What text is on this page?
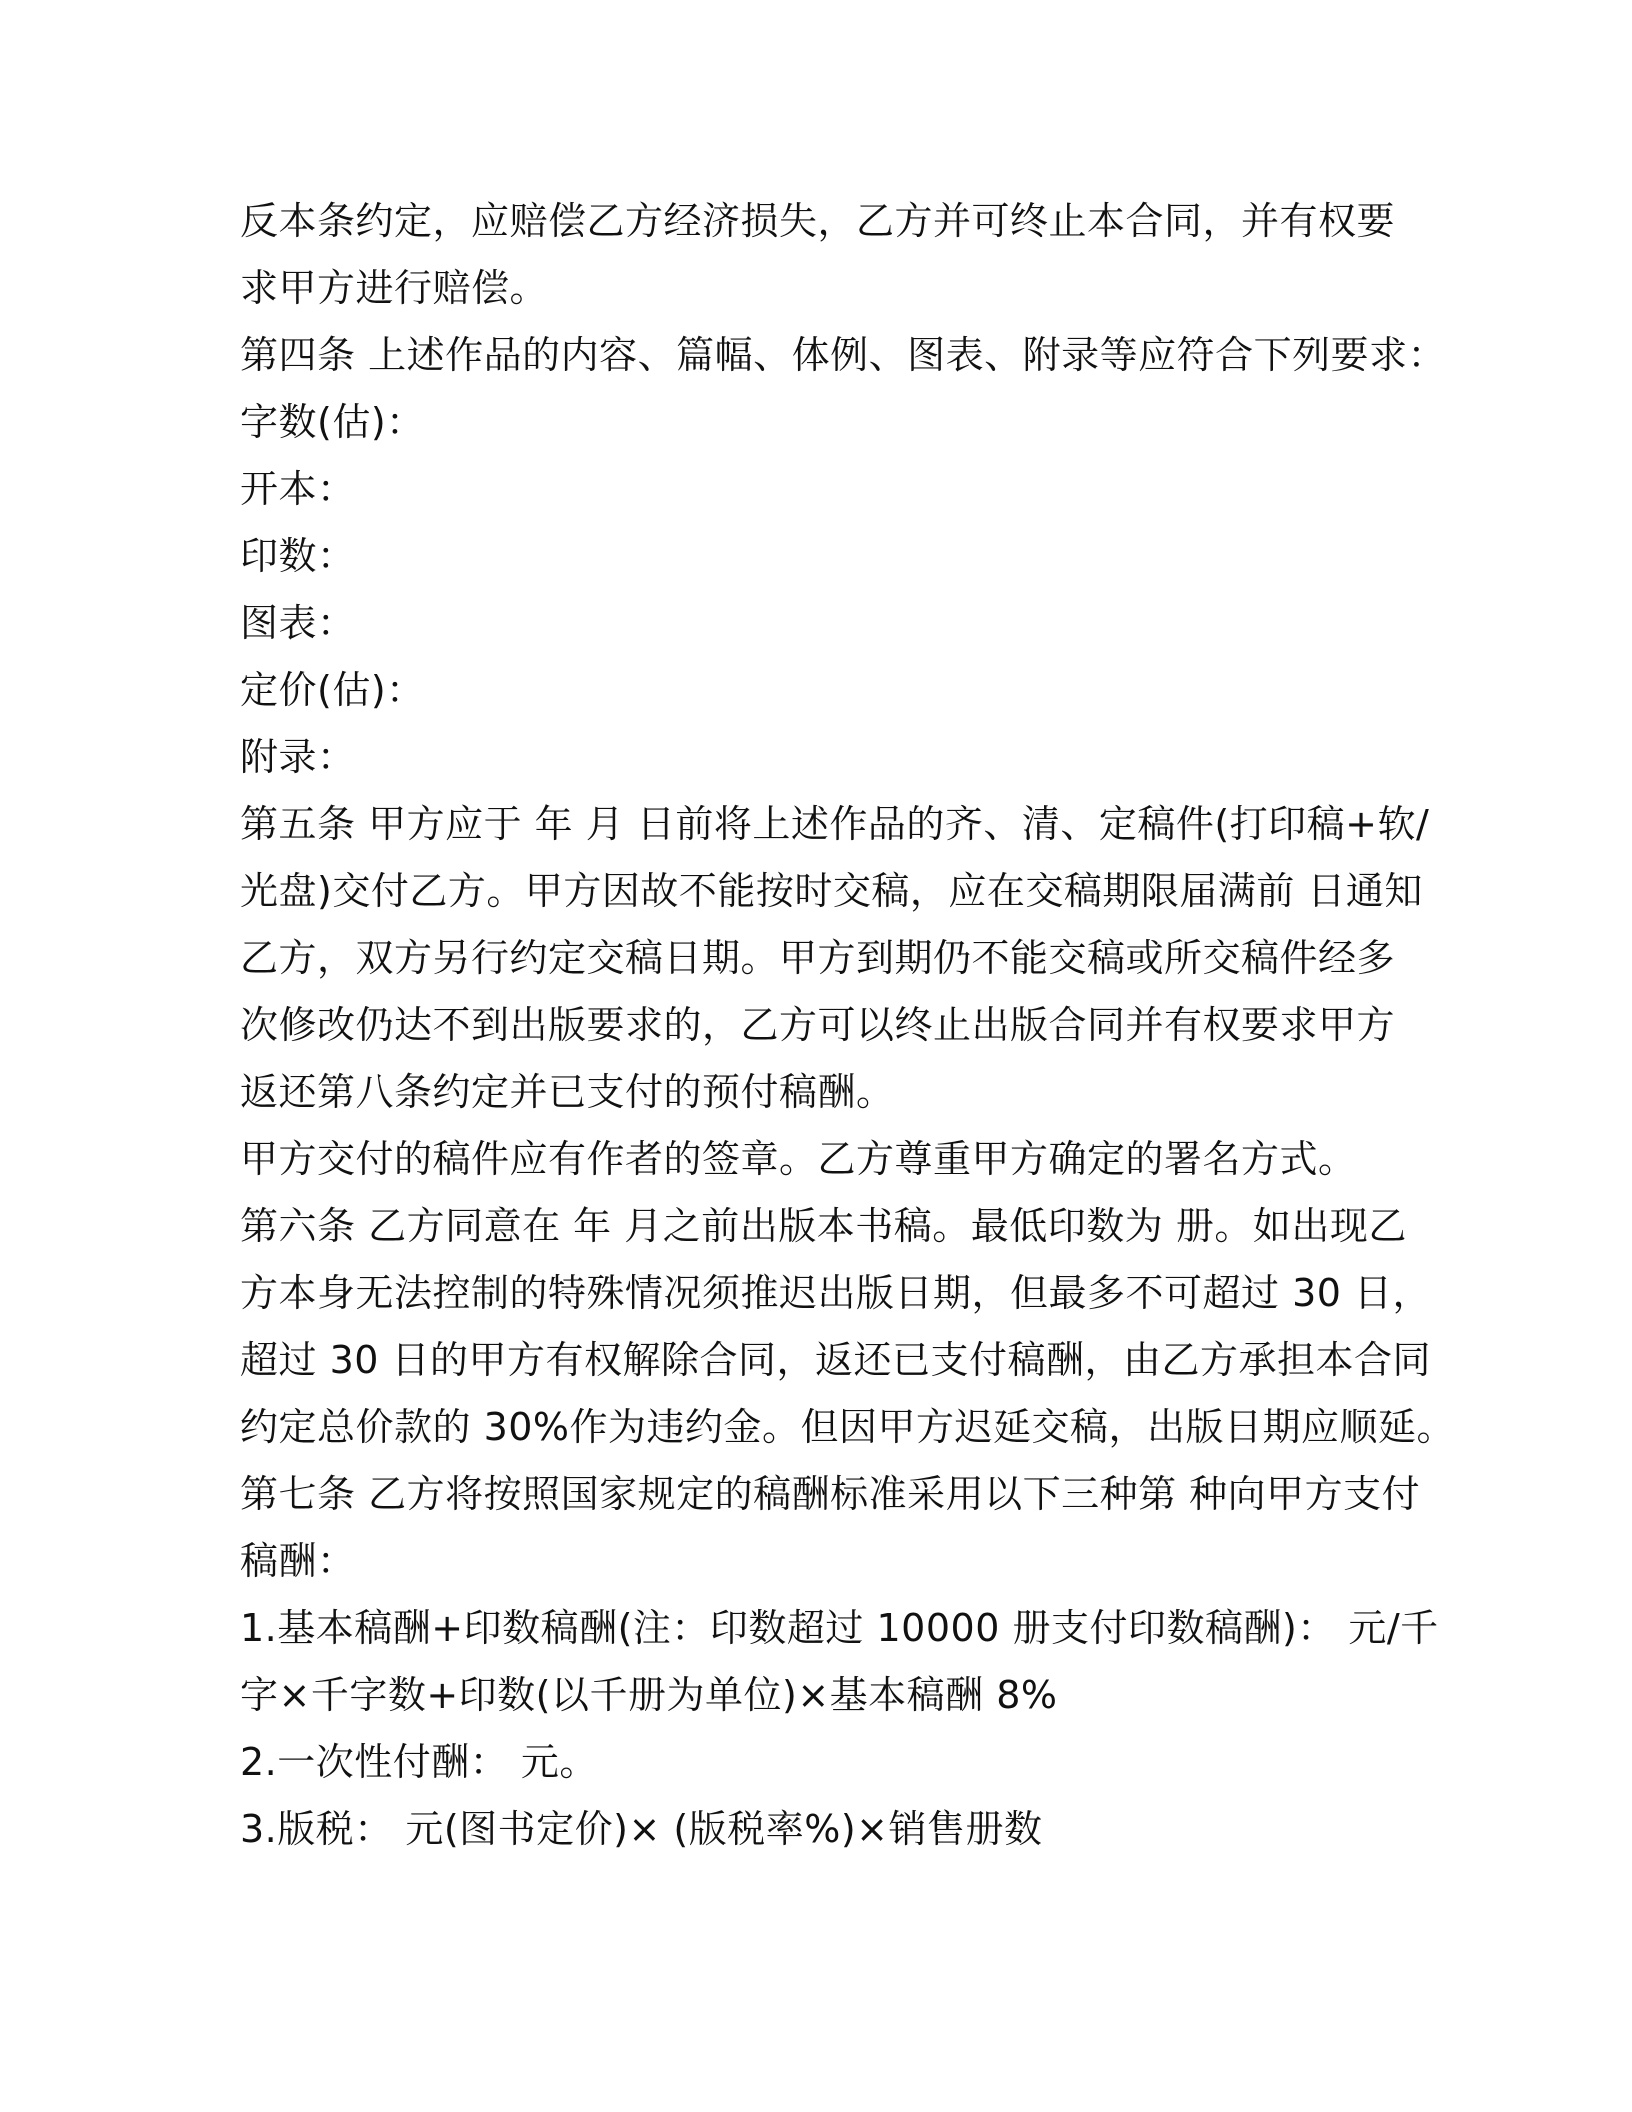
反本条约定，应赔偿乙方经济损失，乙方并可终止本合同，并有权要
求甲方进行赔偿。
第四条 上述作品的内容、篇幅、体例、图表、附录等应符合下列要求：
字数(估)：
开本：
印数：
图表：
定价(估)：
附录：
第五条 甲方应于 年 月 日前将上述作品的齐、清、定稿件(打印稿+软/
光盘)交付乙方。甲方因故不能按时交稿，应在交稿期限届满前 日通知
乙方，双方另行约定交稿日期。甲方到期仍不能交稿或所交稿件经多
次修改仍达不到出版要求的，乙方可以终止出版合同并有权要求甲方
返还第八条约定并已支付的预付稿酬。
甲方交付的稿件应有作者的签章。乙方尊重甲方确定的署名方式。
第六条 乙方同意在 年 月之前出版本书稿。最低印数为 册。如出现乙
方本身无法控制的特殊情况须推迟出版日期，但最多不可超过 30 日，
超过 30 日的甲方有权解除合同，返还已支付稿酬，由乙方承担本合同
约定总价款的 30%作为违约金。但因甲方迟延交稿，出版日期应顺延。
第七条 乙方将按照国家规定的稿酬标准采用以下三种第 种向甲方支付
稿酬：
1.基本稿酬+印数稿酬(注：印数超过 10000 册支付印数稿酬)： 元/千
字×千字数+印数(以千册为单位)×基本稿酬 8%
2.一次性付酬： 元。
3.版税： 元(图书定价)× (版税率%)×销售册数
